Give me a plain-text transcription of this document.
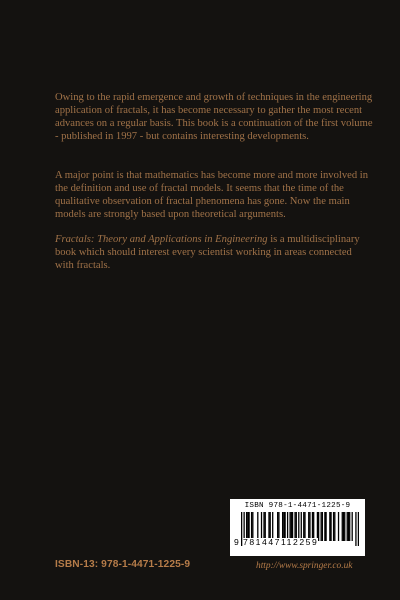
Owing to the rapid emergence and growth of techniques in the engineering application of fractals, it has become necessary to gather the most recent advances on a regular basis. This book is a continuation of the first volume - published in 1997 - but contains interesting developments.

A major point is that mathematics has become more and more involved in the definition and use of fractal models. It seems that the time of the qualitative observation of fractal phenomena has gone. Now the main models are strongly based upon theoretical arguments.

Fractals: Theory and Applications in Engineering is a multidisciplinary book which should interest every scientist working in areas connected with fractals.

ISBN 978-1-4471-1225-9
9 781447112259
ISBN-13: 978-1-4471-1225-9	http://www.springer.co.uk
